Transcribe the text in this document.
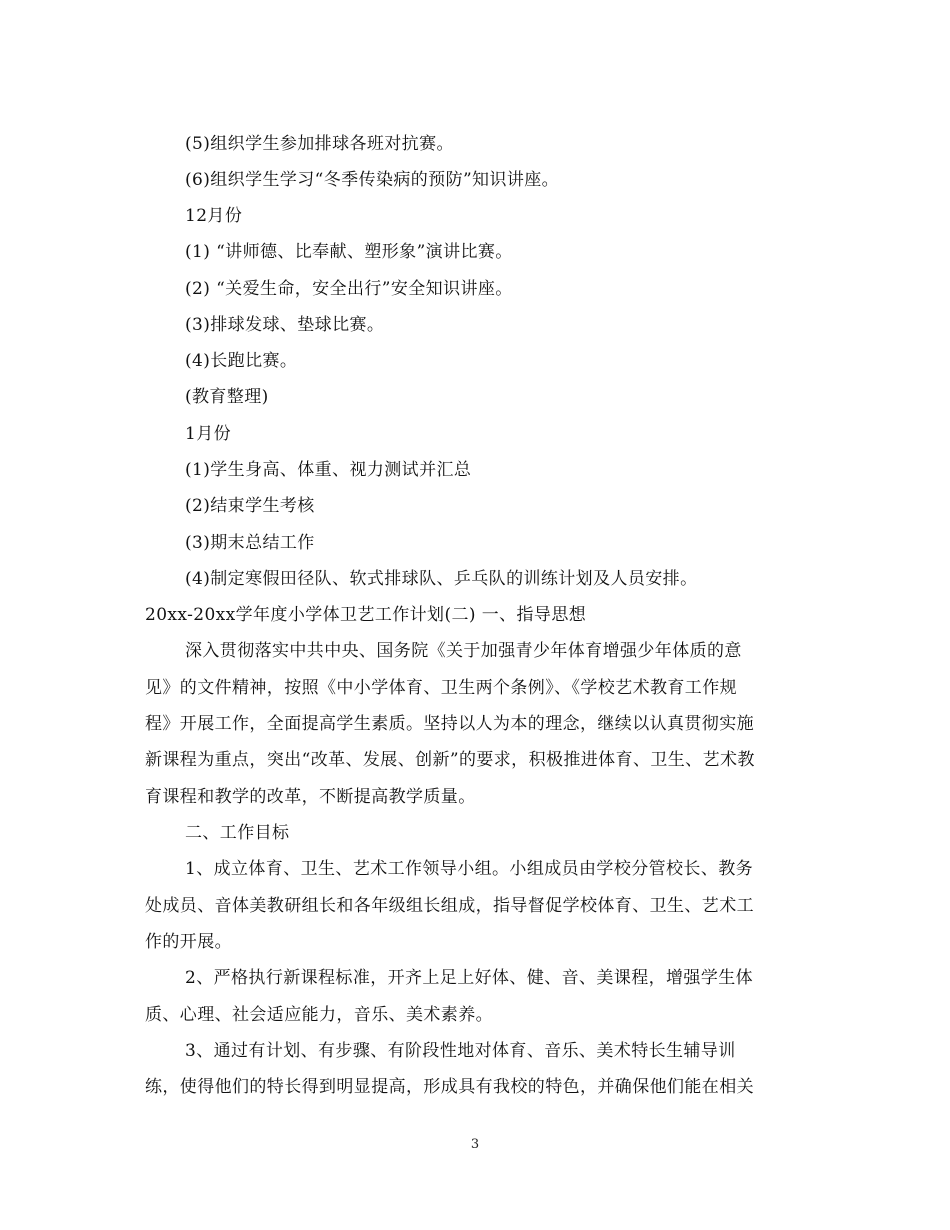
(5)组织学生参加排球各班对抗赛。
(6)组织学生学习“冬季传染病的预防”知识讲座。
12月份
(1) “讲师德、比奉献、塑形象”演讲比赛。
(2) “关爱生命，安全出行”安全知识讲座。
(3)排球发球、垫球比赛。
(4)长跑比赛。
(教育整理)
1月份
(1)学生身高、体重、视力测试并汇总
(2)结束学生考核
(3)期末总结工作
(4)制定寒假田径队、软式排球队、乒乓队的训练计划及人员安排。
20xx-20xx学年度小学体卫艺工作计划(二) 一、指导思想
深入贯彻落实中共中央、国务院《关于加强青少年体育增强少年体质的意
见》的文件精神，按照《中小学体育、卫生两个条例》、《学校艺术教育工作规
程》开展工作，全面提高学生素质。坚持以人为本的理念，继续以认真贯彻实施
新课程为重点，突出“改革、发展、创新”的要求，积极推进体育、卫生、艺术教
育课程和教学的改革，不断提高教学质量。
二、工作目标
1、成立体育、卫生、艺术工作领导小组。小组成员由学校分管校长、教务
处成员、音体美教研组长和各年级组长组成，指导督促学校体育、卫生、艺术工
作的开展。
2、严格执行新课程标准，开齐上足上好体、健、音、美课程，增强学生体
质、心理、社会适应能力，音乐、美术素养。
3、通过有计划、有步骤、有阶段性地对体育、音乐、美术特长生辅导训
练，使得他们的特长得到明显提高，形成具有我校的特色，并确保他们能在相关
3
